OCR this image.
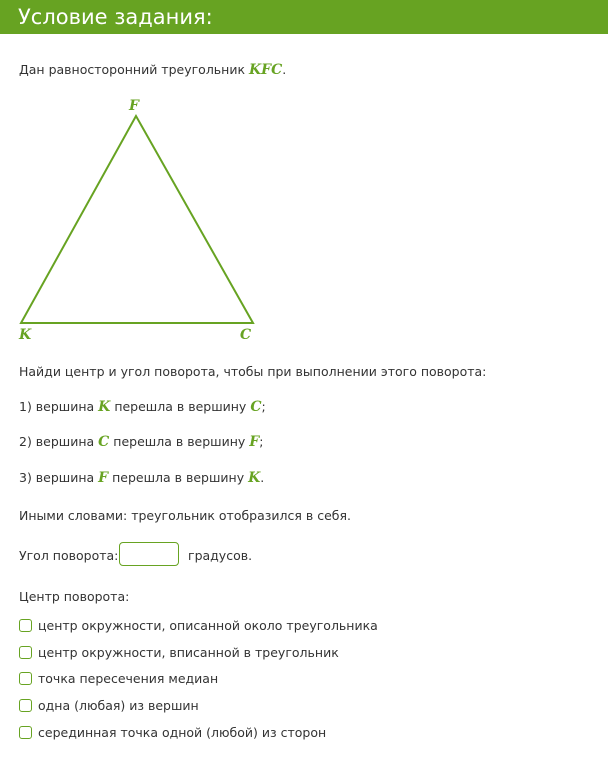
Условие задания:
Дан равносторонний треугольник KFC.
F
K	C
Найди центр и угол поворота, чтобы при выполнении этого поворота:
1) вершина K перешла в вершину C;
2) вершина C перешла в вершину F;
3) вершина F перешла в вершину K.
Иными словами: треугольник отобразился в себя.
Угол поворота:	градусов.
Центр поворота:
центр окружности, описанной около треугольника
центр окружности, вписанной в треугольник
точка пересечения медиан
одна (любая) из вершин
серединная точка одной (любой) из сторон
